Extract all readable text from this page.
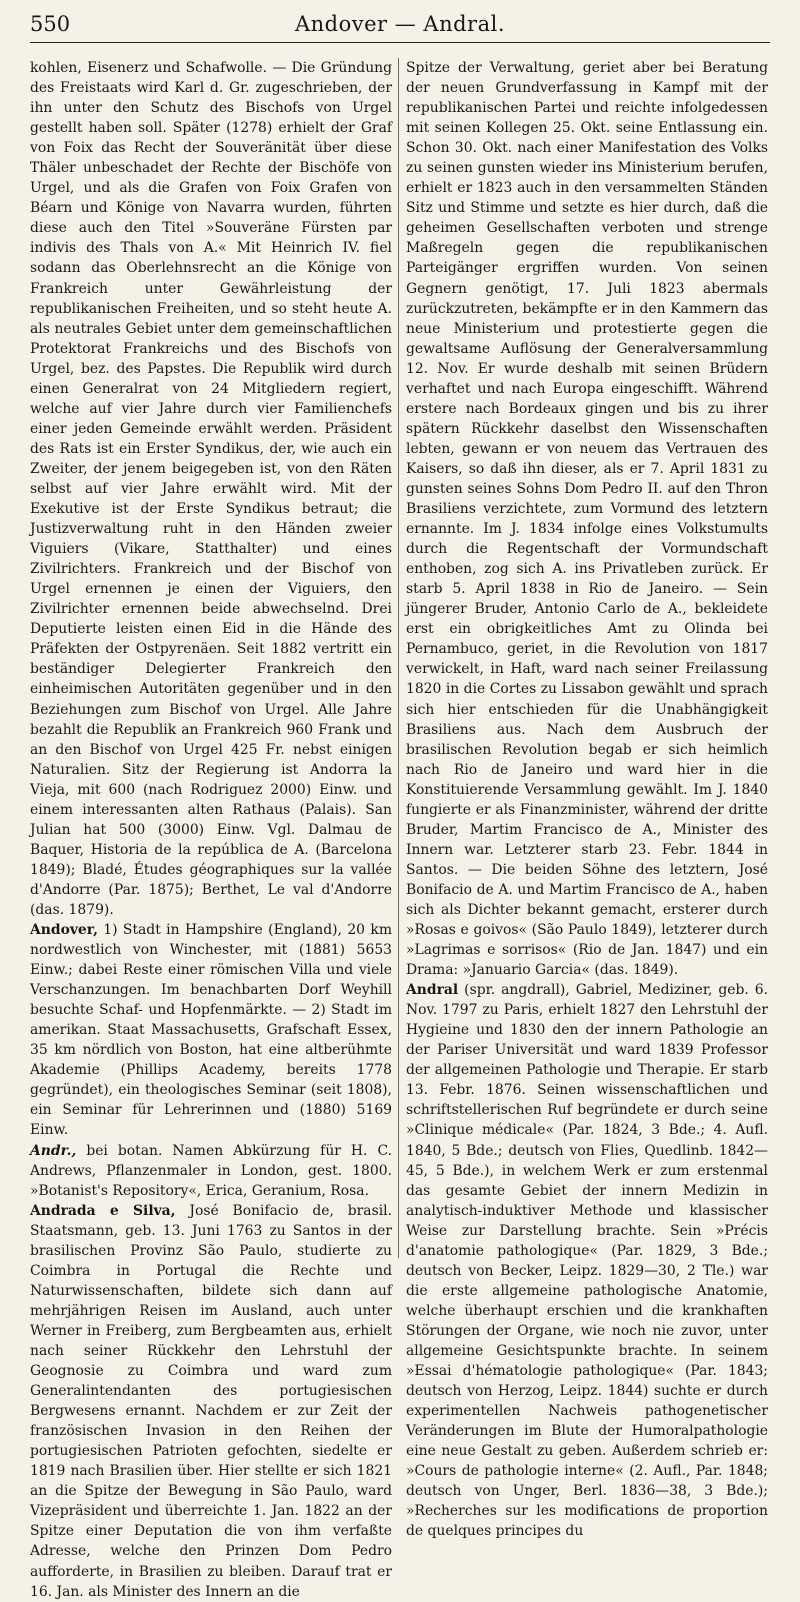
550	Andover — Andral.

kohlen, Eisenerz und Schafwolle. — Die Gründung des Freistaats wird Karl d. Gr. zugeschrieben, der ihn unter den Schutz des Bischofs von Urgel gestellt haben soll. Später (1278) erhielt der Graf von Foix das Recht der Souveränität über diese Thäler unbeschadet der Rechte der Bischöfe von Urgel, und als die Grafen von Foix Grafen von Béarn und Könige von Navarra wurden, führten diese auch den Titel »Souveräne Fürsten par indivis des Thals von A.« Mit Heinrich IV. fiel sodann das Oberlehnsrecht an die Könige von Frankreich unter Gewährleistung der republikanischen Freiheiten, und so steht heute A. als neutrales Gebiet unter dem gemeinschaftlichen Protektorat Frankreichs und des Bischofs von Urgel, bez. des Papstes. Die Republik wird durch einen Generalrat von 24 Mitgliedern regiert, welche auf vier Jahre durch vier Familienchefs einer jeden Gemeinde erwählt werden. Präsident des Rats ist ein Erster Syndikus, der, wie auch ein Zweiter, der jenem beigegeben ist, von den Räten selbst auf vier Jahre erwählt wird. Mit der Exekutive ist der Erste Syndikus betraut; die Justizverwaltung ruht in den Händen zweier Viguiers (Vikare, Statthalter) und eines Zivilrichters. Frankreich und der Bischof von Urgel ernennen je einen der Viguiers, den Zivilrichter ernennen beide abwechselnd. Drei Deputierte leisten einen Eid in die Hände des Präfekten der Ostpyrenäen. Seit 1882 vertritt ein beständiger Delegierter Frankreich den einheimischen Autoritäten gegenüber und in den Beziehungen zum Bischof von Urgel. Alle Jahre bezahlt die Republik an Frankreich 960 Frank und an den Bischof von Urgel 425 Fr. nebst einigen Naturalien. Sitz der Regierung ist Andorra la Vieja, mit 600 (nach Rodriguez 2000) Einw. und einem interessanten alten Rathaus (Palais). San Julian hat 500 (3000) Einw. Vgl. Dalmau de Baquer, Historia de la república de A. (Barcelona 1849); Bladé, Études géographiques sur la vallée d'Andorre (Par. 1875); Berthet, Le val d'Andorre (das. 1879).

Andover, 1) Stadt in Hampshire (England), 20 km nordwestlich von Winchester, mit (1881) 5653 Einw.; dabei Reste einer römischen Villa und viele Verschanzungen. Im benachbarten Dorf Weyhill besuchte Schaf- und Hopfenmärkte. — 2) Stadt im amerikan. Staat Massachusetts, Grafschaft Essex, 35 km nördlich von Boston, hat eine altberühmte Akademie (Phillips Academy, bereits 1778 gegründet), ein theologisches Seminar (seit 1808), ein Seminar für Lehrerinnen und (1880) 5169 Einw.

Andr., bei botan. Namen Abkürzung für H. C. Andrews, Pflanzenmaler in London, gest. 1800. »Botanist's Repository«, Erica, Geranium, Rosa.

Andrada e Silva, José Bonifacio de, brasil. Staatsmann, geb. 13. Juni 1763 zu Santos in der brasilischen Provinz São Paulo, studierte zu Coimbra in Portugal die Rechte und Naturwissenschaften, bildete sich dann auf mehrjährigen Reisen im Ausland, auch unter Werner in Freiberg, zum Bergbeamten aus, erhielt nach seiner Rückkehr den Lehrstuhl der Geognosie zu Coimbra und ward zum Generalintendanten des portugiesischen Bergwesens ernannt. Nachdem er zur Zeit der französischen Invasion in den Reihen der portugiesischen Patrioten gefochten, siedelte er 1819 nach Brasilien über. Hier stellte er sich 1821 an die Spitze der Bewegung in São Paulo, ward Vizepräsident und überreichte 1. Jan. 1822 an der Spitze einer Deputation die von ihm verfaßte Adresse, welche den Prinzen Dom Pedro aufforderte, in Brasilien zu bleiben. Darauf trat er 16. Jan. als Minister des Innern an die

Spitze der Verwaltung, geriet aber bei Beratung der neuen Grundverfassung in Kampf mit der republikanischen Partei und reichte infolgedessen mit seinen Kollegen 25. Okt. seine Entlassung ein. Schon 30. Okt. nach einer Manifestation des Volks zu seinen gunsten wieder ins Ministerium berufen, erhielt er 1823 auch in den versammelten Ständen Sitz und Stimme und setzte es hier durch, daß die geheimen Gesellschaften verboten und strenge Maßregeln gegen die republikanischen Parteigänger ergriffen wurden. Von seinen Gegnern genötigt, 17. Juli 1823 abermals zurückzutreten, bekämpfte er in den Kammern das neue Ministerium und protestierte gegen die gewaltsame Auflösung der Generalversammlung 12. Nov. Er wurde deshalb mit seinen Brüdern verhaftet und nach Europa eingeschifft. Während erstere nach Bordeaux gingen und bis zu ihrer spätern Rückkehr daselbst den Wissenschaften lebten, gewann er von neuem das Vertrauen des Kaisers, so daß ihn dieser, als er 7. April 1831 zu gunsten seines Sohns Dom Pedro II. auf den Thron Brasiliens verzichtete, zum Vormund des letztern ernannte. Im J. 1834 infolge eines Volkstumults durch die Regentschaft der Vormundschaft enthoben, zog sich A. ins Privatleben zurück. Er starb 5. April 1838 in Rio de Janeiro. — Sein jüngerer Bruder, Antonio Carlo de A., bekleidete erst ein obrigkeitliches Amt zu Olinda bei Pernambuco, geriet, in die Revolution von 1817 verwickelt, in Haft, ward nach seiner Freilassung 1820 in die Cortes zu Lissabon gewählt und sprach sich hier entschieden für die Unabhängigkeit Brasiliens aus. Nach dem Ausbruch der brasilischen Revolution begab er sich heimlich nach Rio de Janeiro und ward hier in die Konstituierende Versammlung gewählt. Im J. 1840 fungierte er als Finanzminister, während der dritte Bruder, Martim Francisco de A., Minister des Innern war. Letzterer starb 23. Febr. 1844 in Santos. — Die beiden Söhne des letztern, José Bonifacio de A. und Martim Francisco de A., haben sich als Dichter bekannt gemacht, ersterer durch »Rosas e goivos« (São Paulo 1849), letzterer durch »Lagrimas e sorrisos« (Rio de Jan. 1847) und ein Drama: »Januario Garcia« (das. 1849).

Andral (spr. angdrall), Gabriel, Mediziner, geb. 6. Nov. 1797 zu Paris, erhielt 1827 den Lehrstuhl der Hygieine und 1830 den der innern Pathologie an der Pariser Universität und ward 1839 Professor der allgemeinen Pathologie und Therapie. Er starb 13. Febr. 1876. Seinen wissenschaftlichen und schriftstellerischen Ruf begründete er durch seine »Clinique médicale« (Par. 1824, 3 Bde.; 4. Aufl. 1840, 5 Bde.; deutsch von Flies, Quedlinb. 1842—45, 5 Bde.), in welchem Werk er zum erstenmal das gesamte Gebiet der innern Medizin in analytisch-induktiver Methode und klassischer Weise zur Darstellung brachte. Sein »Précis d'anatomie pathologique« (Par. 1829, 3 Bde.; deutsch von Becker, Leipz. 1829—30, 2 Tle.) war die erste allgemeine pathologische Anatomie, welche überhaupt erschien und die krankhaften Störungen der Organe, wie noch nie zuvor, unter allgemeine Gesichtspunkte brachte. In seinem »Essai d'hématologie pathologique« (Par. 1843; deutsch von Herzog, Leipz. 1844) suchte er durch experimentellen Nachweis pathogenetischer Veränderungen im Blute der Humoralpathologie eine neue Gestalt zu geben. Außerdem schrieb er: »Cours de pathologie interne« (2. Aufl., Par. 1848; deutsch von Unger, Berl. 1836—38, 3 Bde.); »Recherches sur les modifications de proportion de quelques principes du
